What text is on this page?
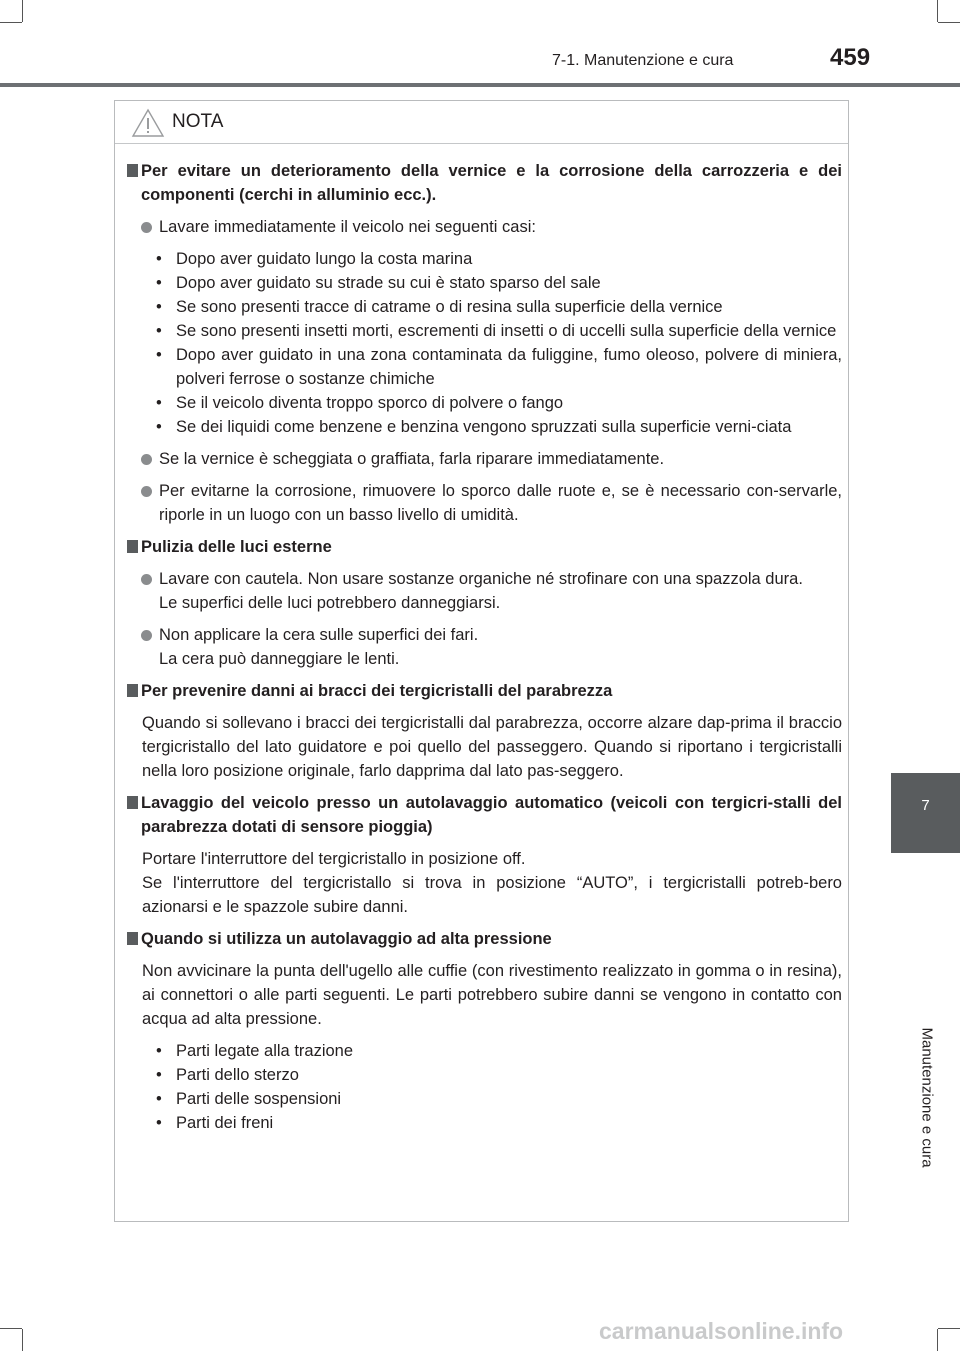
7-1. Manutenzione e cura	459
7
Manutenzione e cura
NOTA
Per evitare un deterioramento della vernice e la corrosione della carrozzeria e dei componenti (cerchi in alluminio ecc.).
Lavare immediatamente il veicolo nei seguenti casi:
• Dopo aver guidato lungo la costa marina
• Dopo aver guidato su strade su cui è stato sparso del sale
• Se sono presenti tracce di catrame o di resina sulla superficie della vernice
• Se sono presenti insetti morti, escrementi di insetti o di uccelli sulla superficie della vernice
• Dopo aver guidato in una zona contaminata da fuliggine, fumo oleoso, polvere di miniera, polveri ferrose o sostanze chimiche
• Se il veicolo diventa troppo sporco di polvere o fango
• Se dei liquidi come benzene e benzina vengono spruzzati sulla superficie verni-ciata
Se la vernice è scheggiata o graffiata, farla riparare immediatamente.
Per evitarne la corrosione, rimuovere lo sporco dalle ruote e, se è necessario con-servarle, riporle in un luogo con un basso livello di umidità.
Pulizia delle luci esterne
Lavare con cautela. Non usare sostanze organiche né strofinare con una spazzola dura.
Le superfici delle luci potrebbero danneggiarsi.
Non applicare la cera sulle superfici dei fari.
La cera può danneggiare le lenti.
Per prevenire danni ai bracci dei tergicristalli del parabrezza
Quando si sollevano i bracci dei tergicristalli dal parabrezza, occorre alzare dap-prima il braccio tergicristallo del lato guidatore e poi quello del passeggero. Quando si riportano i tergicristalli nella loro posizione originale, farlo dapprima dal lato pas-seggero.
Lavaggio del veicolo presso un autolavaggio automatico (veicoli con tergicri-stalli del parabrezza dotati di sensore pioggia)
Portare l'interruttore del tergicristallo in posizione off.
Se l'interruttore del tergicristallo si trova in posizione “AUTO”, i tergicristalli potreb-bero azionarsi e le spazzole subire danni.
Quando si utilizza un autolavaggio ad alta pressione
Non avvicinare la punta dell'ugello alle cuffie (con rivestimento realizzato in gomma o in resina), ai connettori o alle parti seguenti. Le parti potrebbero subire danni se vengono in contatto con acqua ad alta pressione.
• Parti legate alla trazione
• Parti dello sterzo
• Parti delle sospensioni
• Parti dei freni
carmanualsonline.info
